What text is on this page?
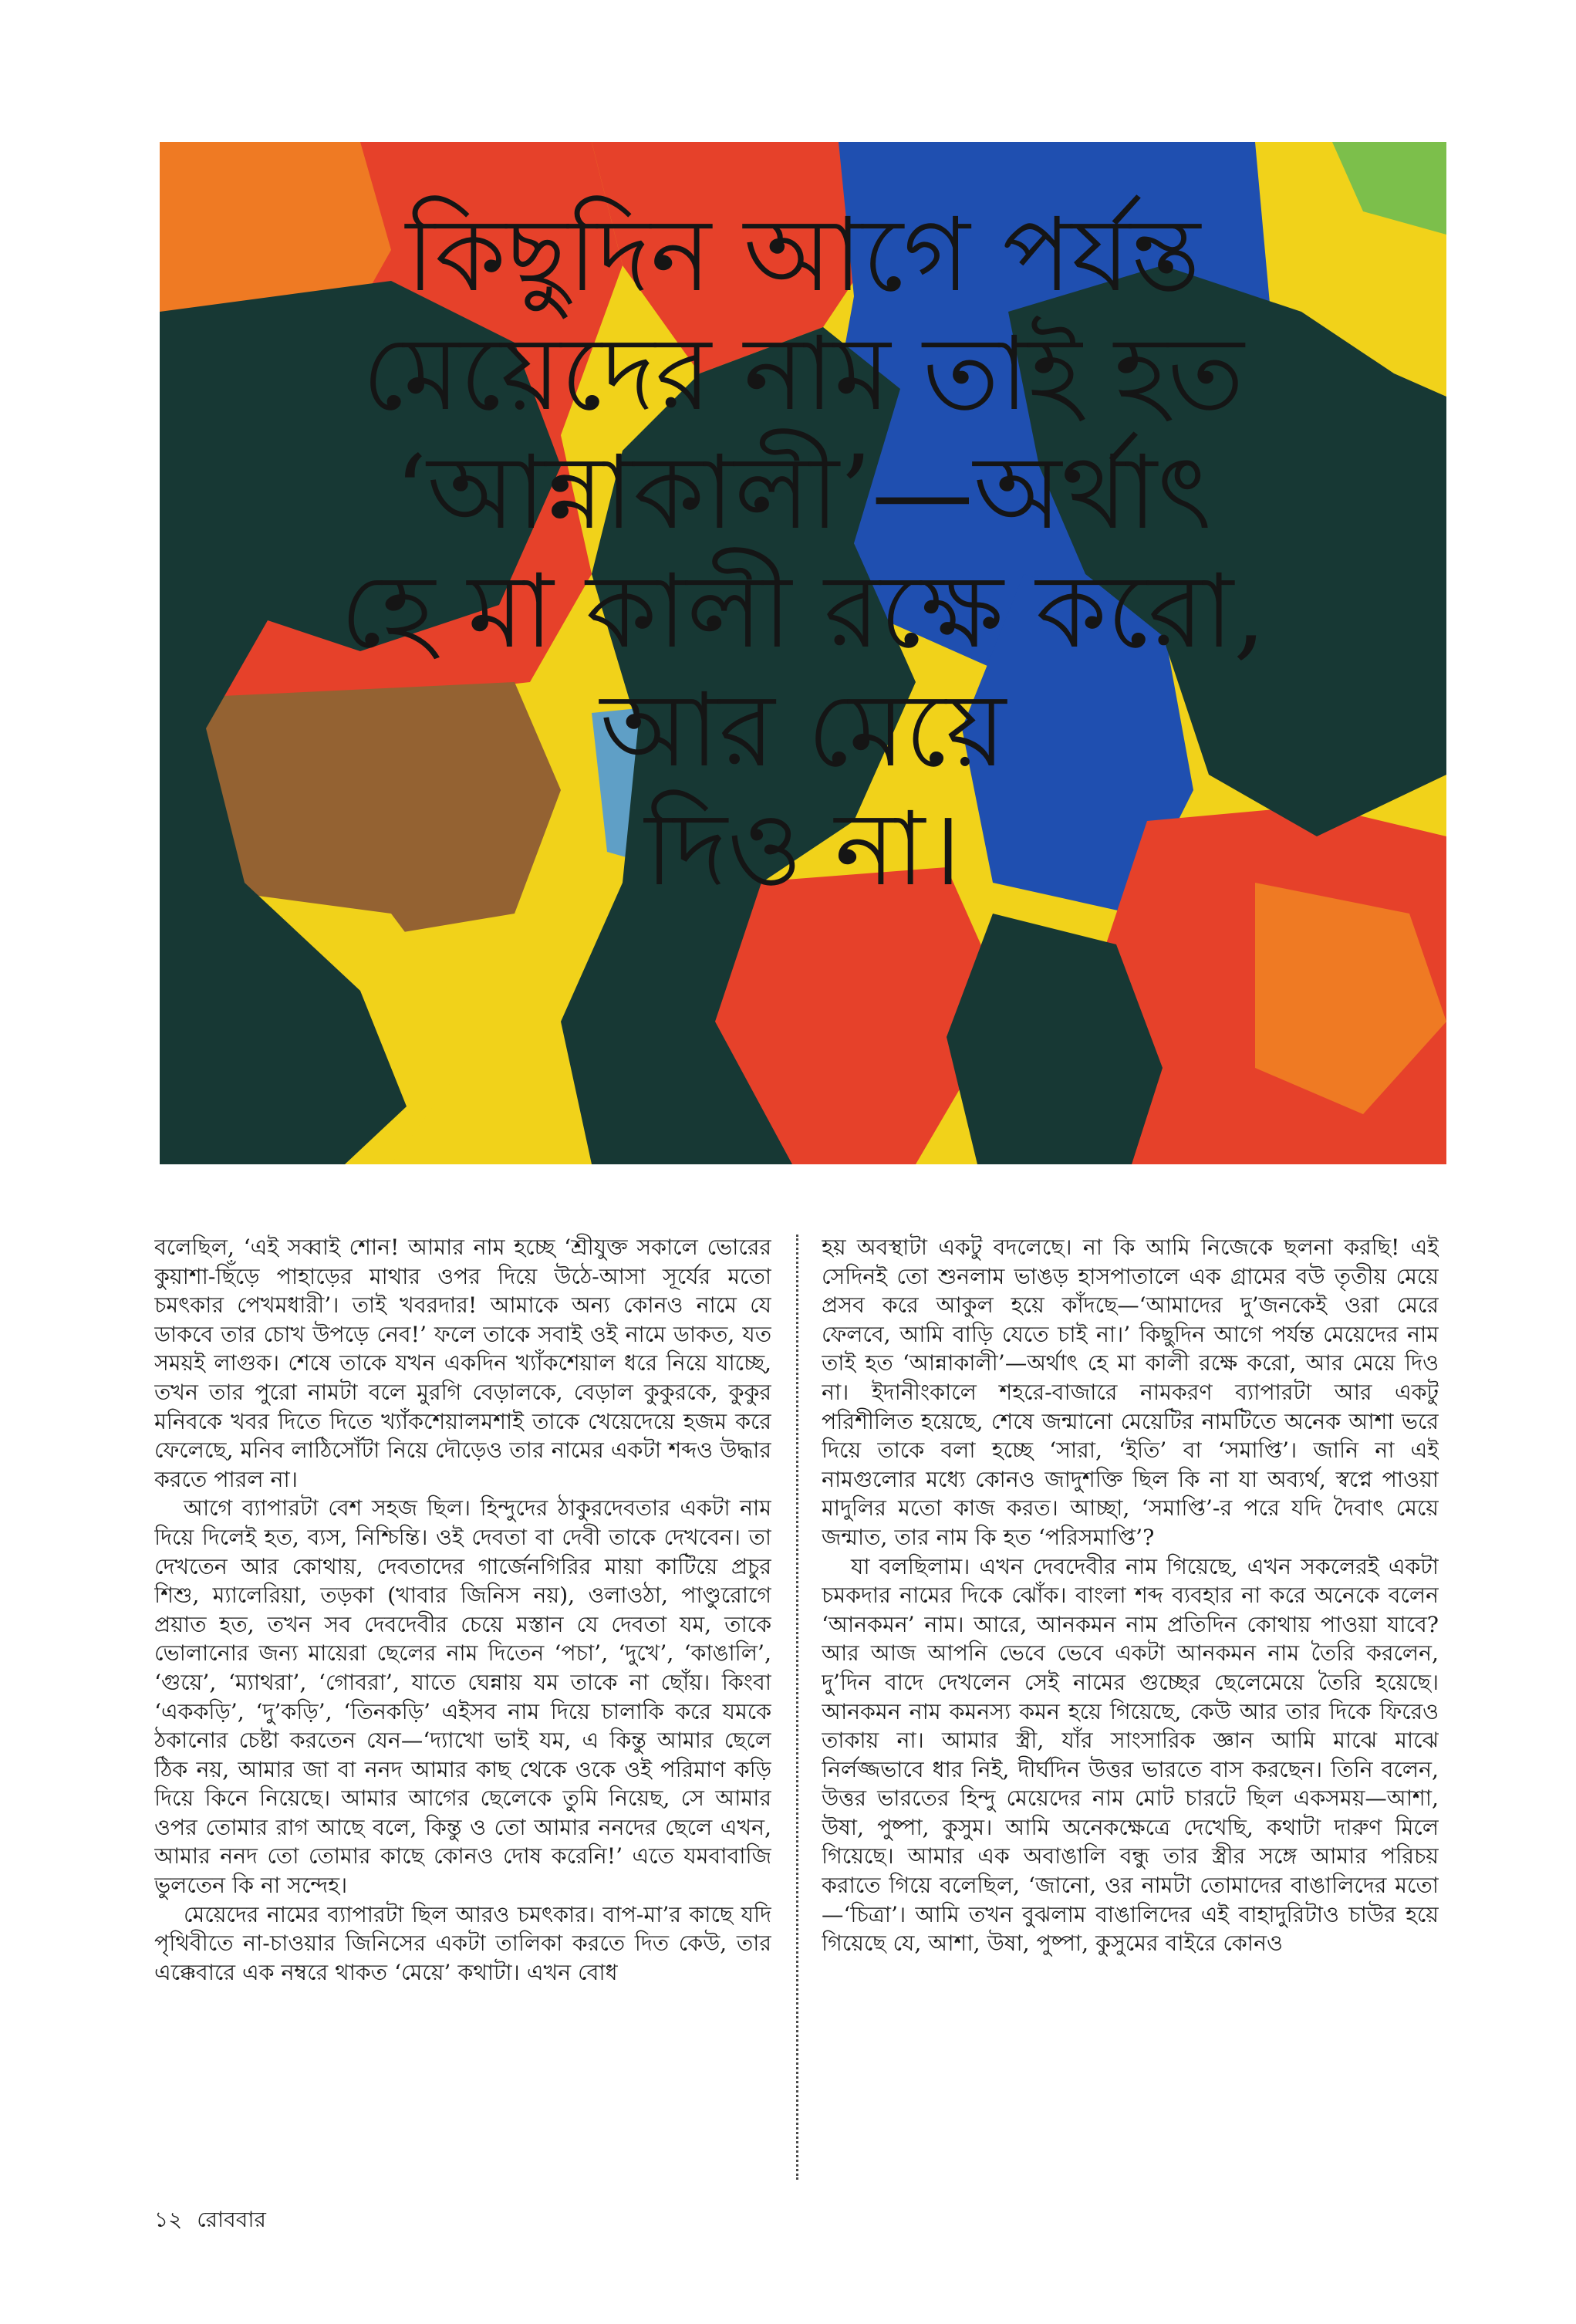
কিছুদিন আগে পর্যন্ত
মেয়েদের নাম তাই হত
‘আন্নাকালী’—অর্থাৎ
হে মা কালী রক্ষে করো,
আর মেয়ে
দিও না।

বলেছিল, ‘এই সব্বাই শোন! আমার নাম হচ্ছে ‘শ্রীযুক্ত সকালে ভোরের কুয়াশা-ছিঁড়ে পাহাড়ের মাথার ওপর দিয়ে উঠে-আসা সূর্যের মতো চমৎকার পেখমধারী’। তাই খবরদার! আমাকে অন্য কোনও নামে যে ডাকবে তার চোখ উপড়ে নেব!’ ফলে তাকে সবাই ওই নামে ডাকত, যত সময়ই লাগুক। শেষে তাকে যখন একদিন খ্যাঁকশেয়াল ধরে নিয়ে যাচ্ছে, তখন তার পুরো নামটা বলে মুরগি বেড়ালকে, বেড়াল কুকুরকে, কুকুর মনিবকে খবর দিতে দিতে খ্যাঁকশেয়ালমশাই তাকে খেয়েদেয়ে হজম করে ফেলেছে, মনিব লাঠিসোঁটা নিয়ে দৌড়েও তার নামের একটা শব্দও উদ্ধার করতে পারল না।

আগে ব্যাপারটা বেশ সহজ ছিল। হিন্দুদের ঠাকুরদেবতার একটা নাম দিয়ে দিলেই হত, ব্যস, নিশ্চিন্তি। ওই দেবতা বা দেবী তাকে দেখবেন। তা দেখতেন আর কোথায়, দেবতাদের গার্জেনগিরির মায়া কাটিয়ে প্রচুর শিশু, ম্যালেরিয়া, তড়কা (খাবার জিনিস নয়), ওলাওঠা, পাণ্ডুরোগে প্রয়াত হত, তখন সব দেবদেবীর চেয়ে মস্তান যে দেবতা যম, তাকে ভোলানোর জন্য মায়েরা ছেলের নাম দিতেন ‘পচা’, ‘দুখে’, ‘কাঙালি’, ‘গুয়ে’, ‘ম্যাথরা’, ‘গোবরা’, যাতে ঘেন্নায় যম তাকে না ছোঁয়। কিংবা ‘এককড়ি’, ‘দু’কড়ি’, ‘তিনকড়ি’ এইসব নাম দিয়ে চালাকি করে যমকে ঠকানোর চেষ্টা করতেন যেন—‘দ্যাখো ভাই যম, এ কিন্তু আমার ছেলে ঠিক নয়, আমার জা বা ননদ আমার কাছ থেকে ওকে ওই পরিমাণ কড়ি দিয়ে কিনে নিয়েছে। আমার আগের ছেলেকে তুমি নিয়েছ, সে আমার ওপর তোমার রাগ আছে বলে, কিন্তু ও তো আমার ননদের ছেলে এখন, আমার ননদ তো তোমার কাছে কোনও দোষ করেনি!’ এতে যমবাবাজি ভুলতেন কি না সন্দেহ।

মেয়েদের নামের ব্যাপারটা ছিল আরও চমৎকার। বাপ-মা’র কাছে যদি পৃথিবীতে না-চাওয়ার জিনিসের একটা তালিকা করতে দিত কেউ, তার এক্কেবারে এক নম্বরে থাকত ‘মেয়ে’ কথাটা। এখন বোধ

হয় অবস্থাটা একটু বদলেছে। না কি আমি নিজেকে ছলনা করছি! এই সেদিনই তো শুনলাম ভাঙড় হাসপাতালে এক গ্রামের বউ তৃতীয় মেয়ে প্রসব করে আকুল হয়ে কাঁদছে—‘আমাদের দু’জনকেই ওরা মেরে ফেলবে, আমি বাড়ি যেতে চাই না।’ কিছুদিন আগে পর্যন্ত মেয়েদের নাম তাই হত ‘আন্নাকালী’—অর্থাৎ হে মা কালী রক্ষে করো, আর মেয়ে দিও না। ইদানীংকালে শহরে-বাজারে নামকরণ ব্যাপারটা আর একটু পরিশীলিত হয়েছে, শেষে জন্মানো মেয়েটির নামটিতে অনেক আশা ভরে দিয়ে তাকে বলা হচ্ছে ‘সারা, ‘ইতি’ বা ‘সমাপ্তি’। জানি না এই নামগুলোর মধ্যে কোনও জাদুশক্তি ছিল কি না যা অব্যর্থ, স্বপ্নে পাওয়া মাদুলির মতো কাজ করত। আচ্ছা, ‘সমাপ্তি’-র পরে যদি দৈবাৎ মেয়ে জন্মাত, তার নাম কি হত ‘পরিসমাপ্তি’?

যা বলছিলাম। এখন দেবদেবীর নাম গিয়েছে, এখন সকলেরই একটা চমকদার নামের দিকে ঝোঁক। বাংলা শব্দ ব্যবহার না করে অনেকে বলেন ‘আনকমন’ নাম। আরে, আনকমন নাম প্রতিদিন কোথায় পাওয়া যাবে? আর আজ আপনি ভেবে ভেবে একটা আনকমন নাম তৈরি করলেন, দু’দিন বাদে দেখলেন সেই নামের গুচ্ছের ছেলেমেয়ে তৈরি হয়েছে। আনকমন নাম কমনস্য কমন হয়ে গিয়েছে, কেউ আর তার দিকে ফিরেও তাকায় না। আমার স্ত্রী, যাঁর সাংসারিক জ্ঞান আমি মাঝে মাঝে নির্লজ্জভাবে ধার নিই, দীর্ঘদিন উত্তর ভারতে বাস করছেন। তিনি বলেন, উত্তর ভারতের হিন্দু মেয়েদের নাম মোট চারটে ছিল একসময়—আশা, উষা, পুষ্পা, কুসুম। আমি অনেকক্ষেত্রে দেখেছি, কথাটা দারুণ মিলে গিয়েছে। আমার এক অবাঙালি বন্ধু তার স্ত্রীর সঙ্গে আমার পরিচয় করাতে গিয়ে বলেছিল, ‘জানো, ওর নামটা তোমাদের বাঙালিদের মতো—‘চিত্রা’। আমি তখন বুঝলাম বাঙালিদের এই বাহাদুরিটাও চাউর হয়ে গিয়েছে যে, আশা, উষা, পুষ্পা, কুসুমের বাইরে কোনও

১২ রোববার
